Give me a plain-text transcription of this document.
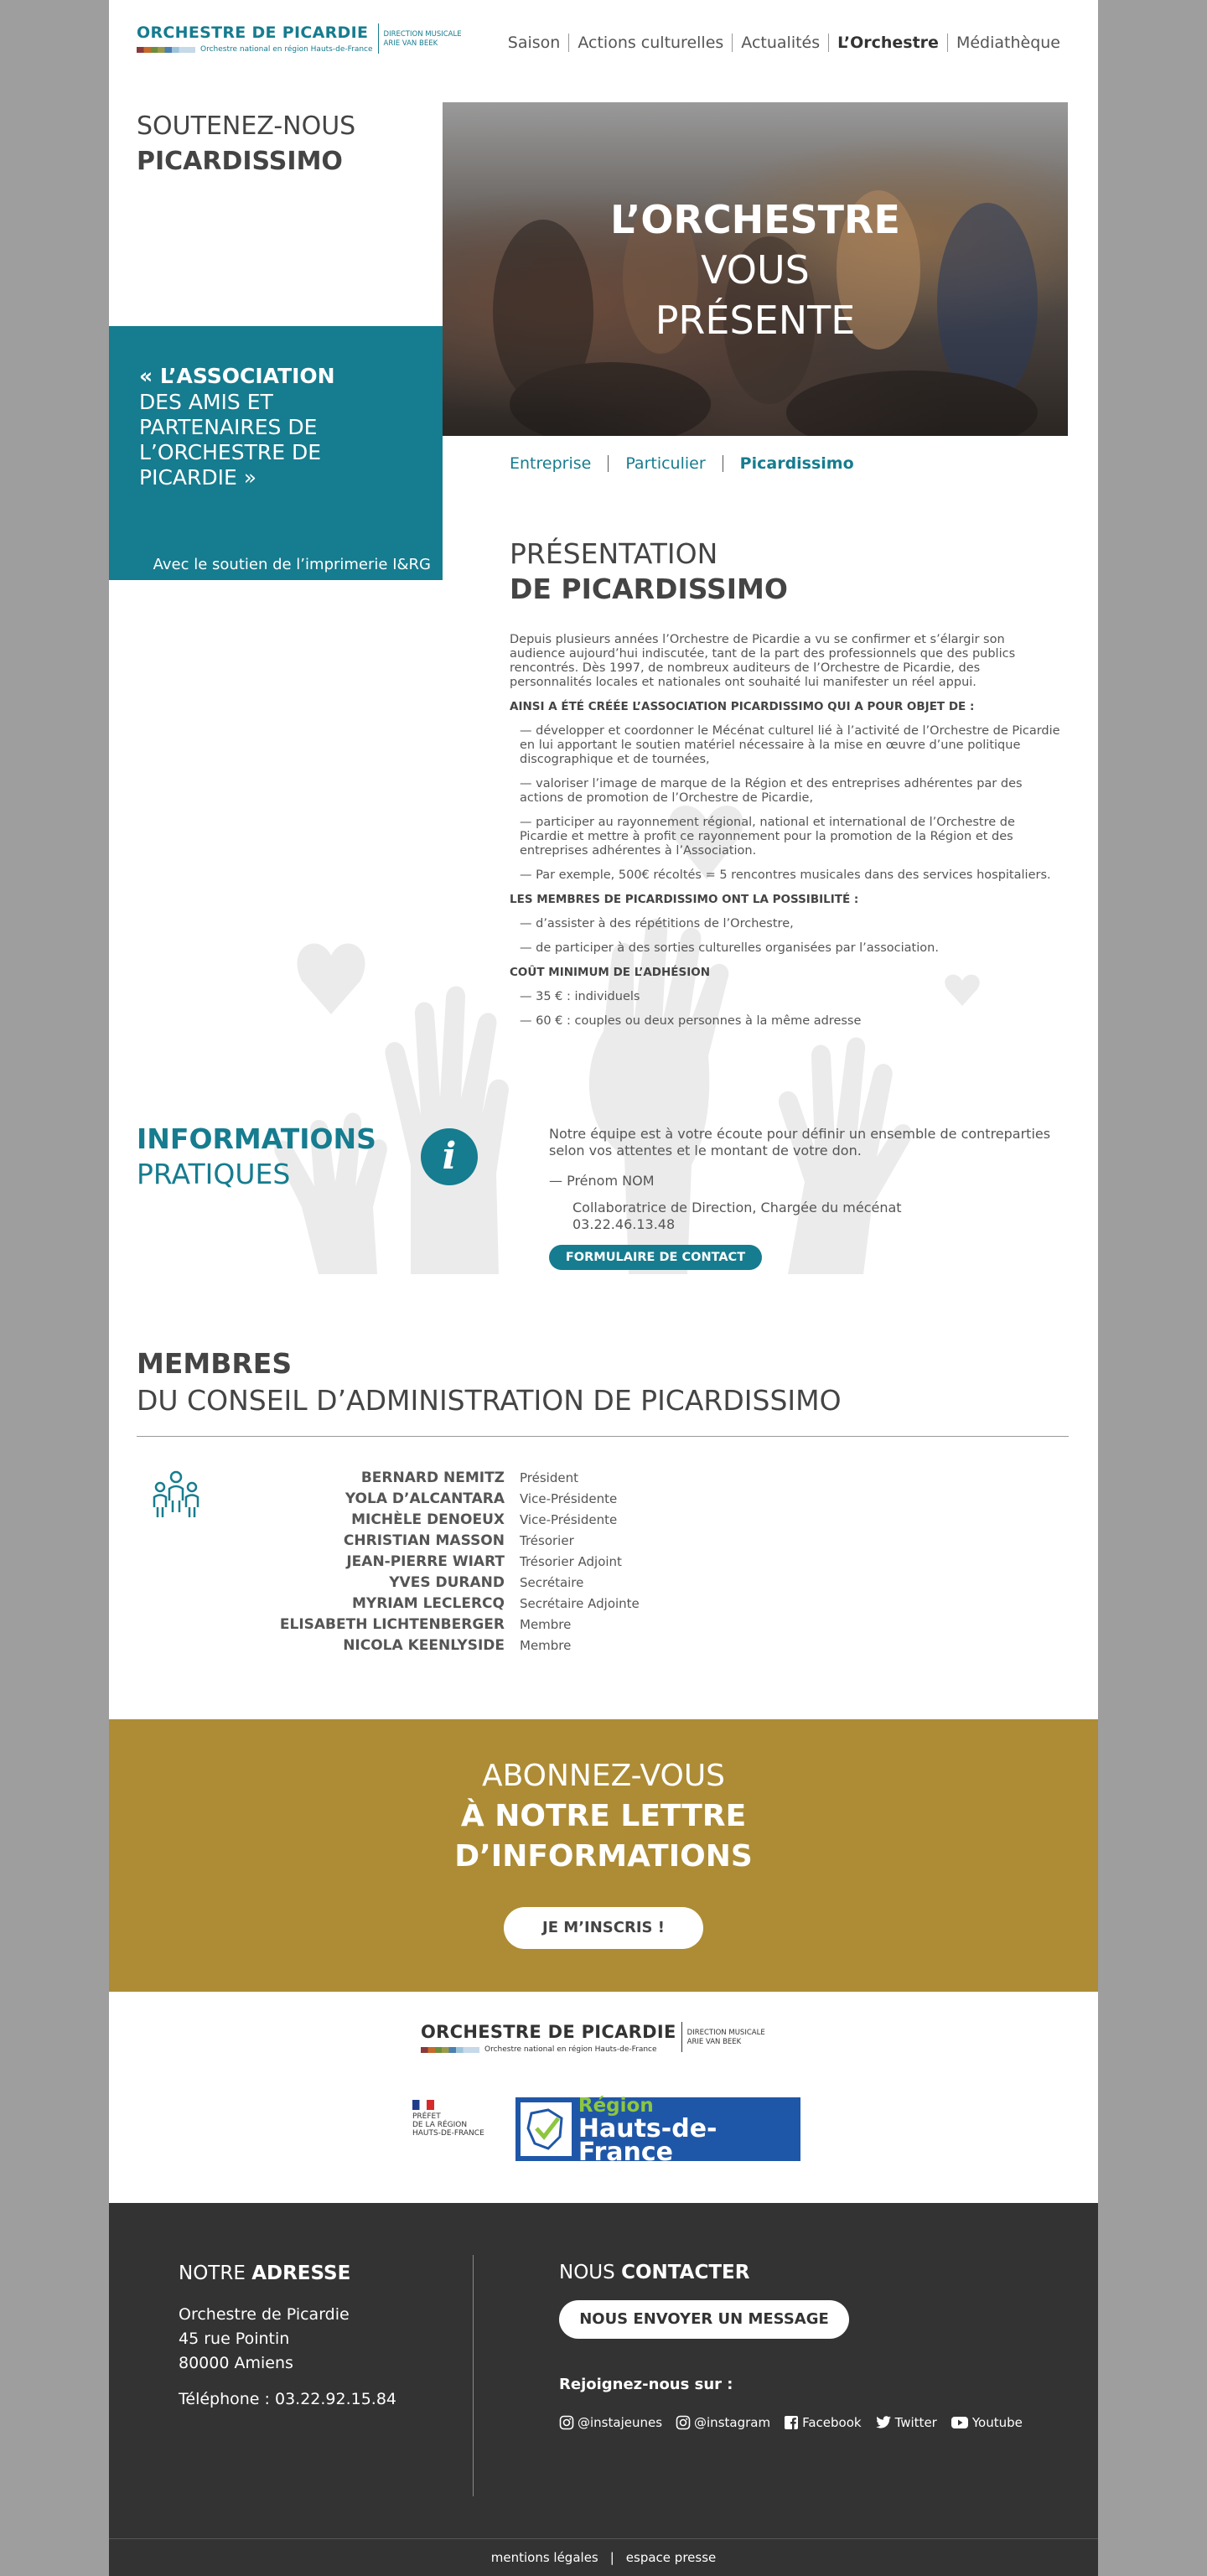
ORCHESTRE DE PICARDIE
Orchestre national en région Hauts-de-France
DIRECTION MUSICALE
ARIE VAN BEEK	Saison	Actions culturelles	Actualités	L’Orchestre	Médiathèque
SOUTENEZ-NOUS
PICARDISSIMO
L’ORCHESTRE
VOUS
PRÉSENTE
« L’ASSOCIATION
DES AMIS ET PARTENAIRES DE L’ORCHESTRE DE PICARDIE »
Avec le soutien de l’imprimerie I&RG
Entreprise	Particulier	Picardissimo
PRÉSENTATION
DE PICARDISSIMO

Depuis plusieurs années l’Orchestre de Picardie a vu se confirmer et s’élargir son audience aujourd’hui indiscutée, tant de la part des professionnels que des publics rencontrés. Dès 1997, de nombreux auditeurs de l’Orchestre de Picardie, des personnalités locales et nationales ont souhaité lui manifester un réel appui.

AINSI A ÉTÉ CRÉÉE L’ASSOCIATION PICARDISSIMO QUI A POUR OBJET DE :

— développer et coordonner le Mécénat culturel lié à l’activité de l’Orchestre de Picardie en lui apportant le soutien matériel nécessaire à la mise en œuvre d’une politique discographique et de tournées,

— valoriser l’image de marque de la Région et des entreprises adhérentes par des actions de promotion de l’Orchestre de Picardie,

— participer au rayonnement régional, national et international de l’Orchestre de Picardie et mettre à profit ce rayonnement pour la promotion de la Région et des entreprises adhérentes à l’Association.

— Par exemple, 500€ récoltés = 5 rencontres musicales dans des services hospitaliers.

LES MEMBRES DE PICARDISSIMO ONT LA POSSIBILITÉ :

— d’assister à des répétitions de l’Orchestre,

— de participer à des sorties culturelles organisées par l’association.

COÛT MINIMUM DE L’ADHÉSION

— 35 € : individuels

— 60 € : couples ou deux personnes à la même adresse

INFORMATIONS
PRATIQUES	i
Notre équipe est à votre écoute pour définir un ensemble de contreparties selon vos attentes et le montant de votre don.
— Prénom NOM
Collaboratrice de Direction, Chargée du mécénat
03.22.46.13.48
FORMULAIRE DE CONTACT
MEMBRES
DU CONSEIL D’ADMINISTRATION DE PICARDISSIMO
BERNARD NEMITZ	Président
YOLA D’ALCANTARA	Vice-Présidente
MICHÈLE DENOEUX	Vice-Présidente
CHRISTIAN MASSON	Trésorier
JEAN-PIERRE WIART	Trésorier Adjoint
YVES DURAND	Secrétaire
MYRIAM LECLERCQ	Secrétaire Adjointe
ELISABETH LICHTENBERGER	Membre
NICOLA KEENLYSIDE	Membre
ABONNEZ-VOUS
À NOTRE LETTRE
D’INFORMATIONS
JE M’INSCRIS !
ORCHESTRE DE PICARDIE
Orchestre national en région Hauts-de-France
DIRECTION MUSICALE
ARIE VAN BEEK
PRÉFET
DE LA RÉGION
HAUTS-DE-FRANCE
Région
Hauts-de-France
NOTRE ADRESSE
Orchestre de Picardie
45 rue Pointin
80000 Amiens
Téléphone : 03.22.92.15.84
NOUS CONTACTER
NOUS ENVOYER UN MESSAGE
Rejoignez-nous sur :
@instajeunes	@instagram	Facebook	Twitter	Youtube
mentions légales | espace presse
